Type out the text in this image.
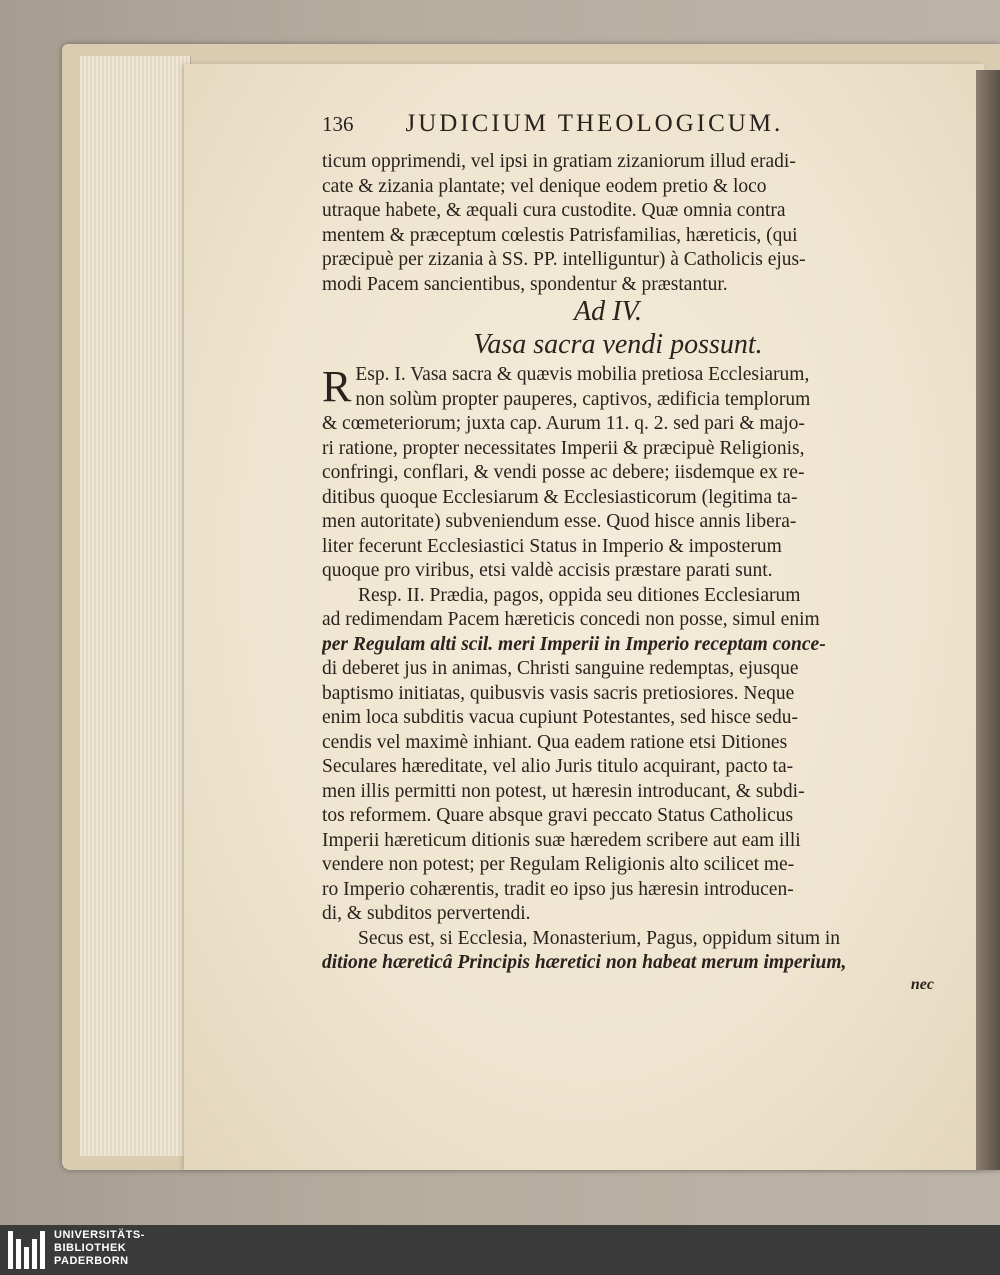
136 JUDICIUM THEOLOGICUM.
ticum opprimendi, vel ipsi in gratiam zizaniorum illud eradi-
cate & zizania plantate; vel denique eodem pretio & loco
utraque habete, & æquali cura custodite. Quæ omnia contra
mentem & præceptum cœlestis Patrisfamilias, hæreticis, (qui
præcipuè per zizania à SS. PP. intelliguntur) à Catholicis ejus-
modi Pacem sancientibus, spondentur & præstantur.
Ad IV.
Vasa sacra vendi possunt.
R Esp. I. Vasa sacra & quævis mobilia pretiosa Ecclesiarum,
non solùm propter pauperes, captivos, ædificia templorum
& cœmeteriorum; juxta cap. Aurum 11. q. 2. sed pari & majo-
ri ratione, propter necessitates Imperii & præcipuè Religionis,
confringi, conflari, & vendi posse ac debere; iisdemque ex re-
ditibus quoque Ecclesiarum & Ecclesiasticorum (legitima ta-
men autoritate) subveniendum esse. Quod hisce annis libera-
liter fecerunt Ecclesiastici Status in Imperio & imposterum
quoque pro viribus, etsi valdè accisis præstare parati sunt.
Resp. II. Prædia, pagos, oppida seu ditiones Ecclesiarum
ad redimendam Pacem hæreticis concedi non posse, simul enim
per Regulam alti scil. meri Imperii in Imperio receptam conce-
di deberet jus in animas, Christi sanguine redemptas, ejusque
baptismo initiatas, quibusvis vasis sacris pretiosiores. Neque
enim loca subditis vacua cupiunt Potestantes, sed hisce sedu-
cendis vel maximè inhiant. Qua eadem ratione etsi Ditiones
Seculares hæreditate, vel alio Juris titulo acquirant, pacto ta-
men illis permitti non potest, ut hæresin introducant, & subdi-
tos reformem. Quare absque gravi peccato Status Catholicus
Imperii hæreticum ditionis suæ hæredem scribere aut eam illi
vendere non potest; per Regulam Religionis alto scilicet me-
ro Imperio cohærentis, tradit eo ipso jus hæresin introducen-
di, & subditos pervertendi.
Secus est, si Ecclesia, Monasterium, Pagus, oppidum situm in
ditione hæreticâ Principis hæretici non habeat merum imperium,
nec
UNIVERSITÄTS-
BIBLIOTHEK
PADERBORN
